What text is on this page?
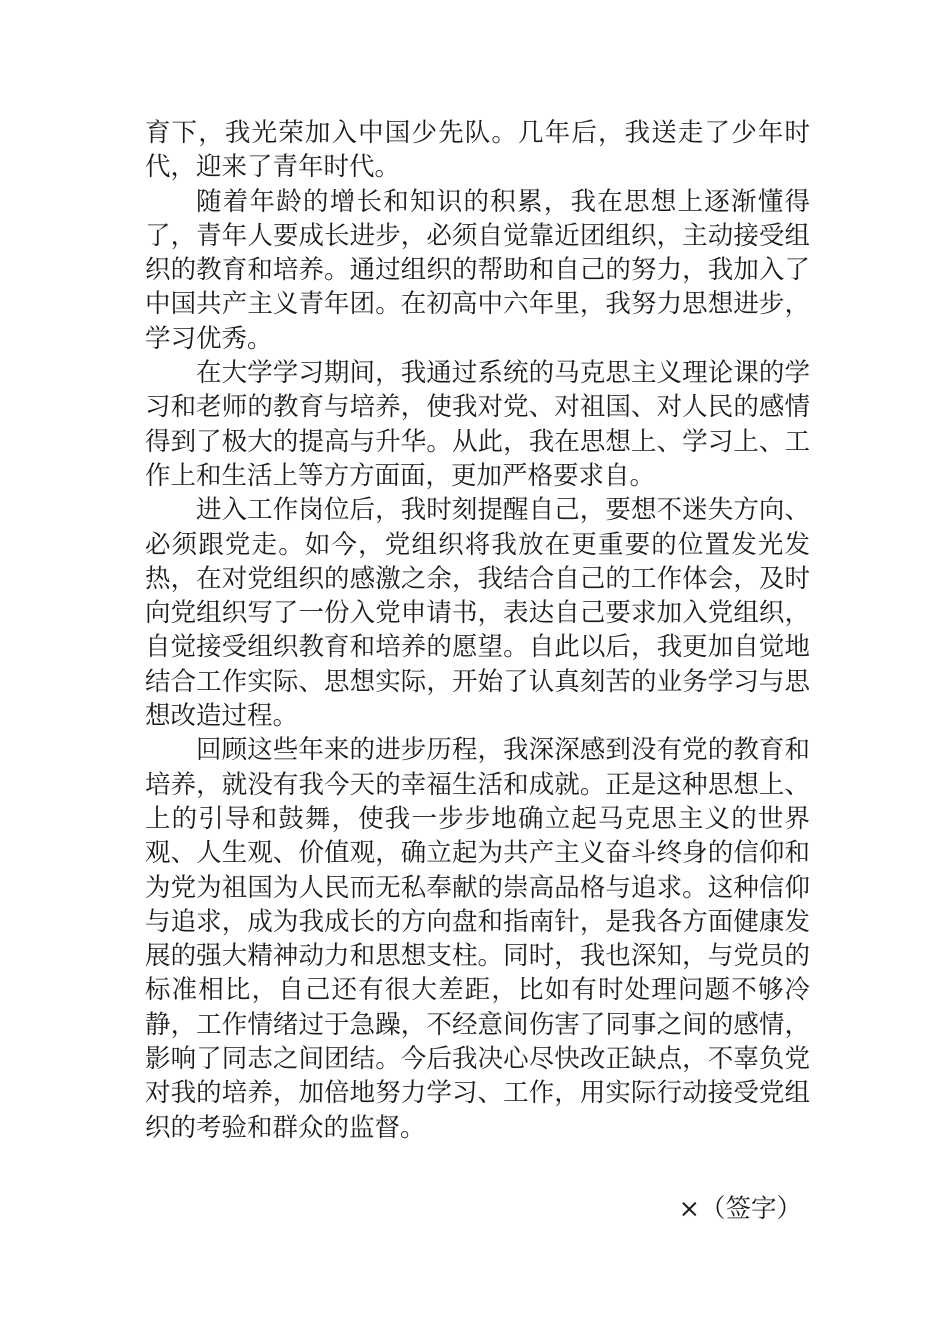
育下，我光荣加入中国少先队。几年后，我送走了少年时代，迎来了青年时代。

随着年龄的增长和知识的积累，我在思想上逐渐懂得了，青年人要成长进步，必须自觉靠近团组织，主动接受组织的教育和培养。通过组织的帮助和自己的努力，我加入了中国共产主义青年团。在初高中六年里，我努力思想进步，学习优秀。

在大学学习期间，我通过系统的马克思主义理论课的学习和老师的教育与培养，使我对党、对祖国、对人民的感情得到了极大的提高与升华。从此，我在思想上、学习上、工作上和生活上等方方面面，更加严格要求自。

进入工作岗位后，我时刻提醒自己，要想不迷失方向、必须跟党走。如今，党组织将我放在更重要的位置发光发热，在对党组织的感激之余，我结合自己的工作体会，及时向党组织写了一份入党申请书，表达自己要求加入党组织，自觉接受组织教育和培养的愿望。自此以后，我更加自觉地结合工作实际、思想实际，开始了认真刻苦的业务学习与思想改造过程。

回顾这些年来的进步历程，我深深感到没有党的教育和培养，就没有我今天的幸福生活和成就。正是这种思想上、上的引导和鼓舞，使我一步步地确立起马克思主义的世界观、人生观、价值观，确立起为共产主义奋斗终身的信仰和为党为祖国为人民而无私奉献的崇高品格与追求。这种信仰与追求，成为我成长的方向盘和指南针，是我各方面健康发展的强大精神动力和思想支柱。同时，我也深知，与党员的标准相比，自己还有很大差距，比如有时处理问题不够冷静，工作情绪过于急躁，不经意间伤害了同事之间的感情，影响了同志之间团结。今后我决心尽快改正缺点，不辜负党对我的培养，加倍地努力学习、工作，用实际行动接受党组织的考验和群众的监督。

×（签字）
